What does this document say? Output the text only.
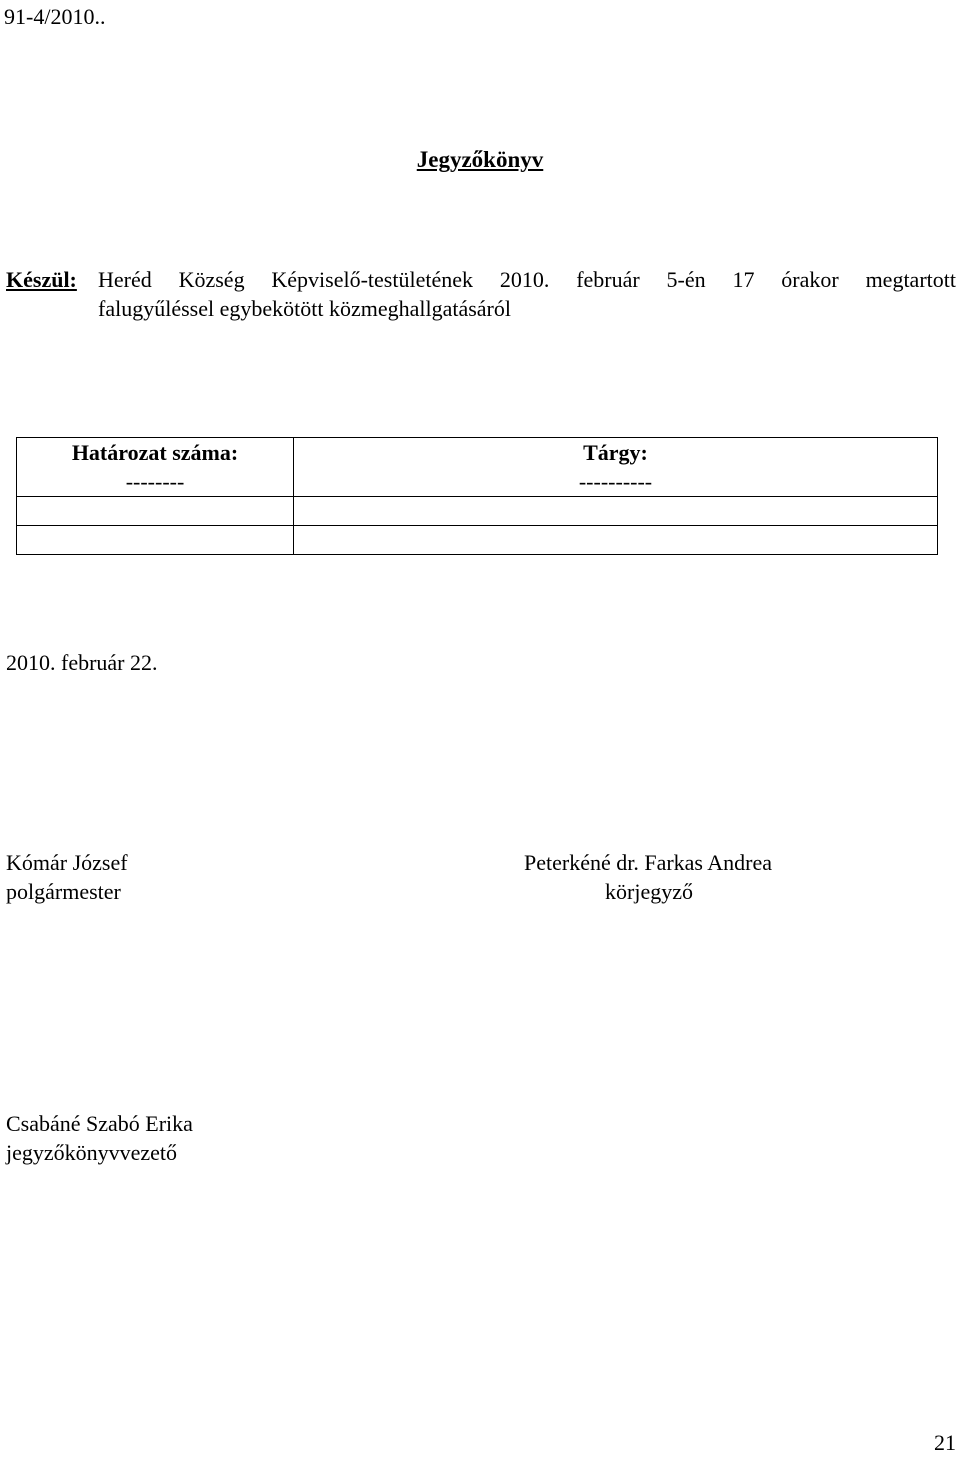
91-4/2010..
Jegyzőkönyv
Készül: Heréd Község Képviselő-testületének 2010. február 5-én 17 órakor megtartott
falugyűléssel egybekötött közmeghallgatásáról
Határozat száma:	Tárgy:
--------	----------

2010. február 22.
Kómár József
polgármester
Peterkéné dr. Farkas Andrea
körjegyző
Csabáné Szabó Erika
jegyzőkönyvvezető
21
